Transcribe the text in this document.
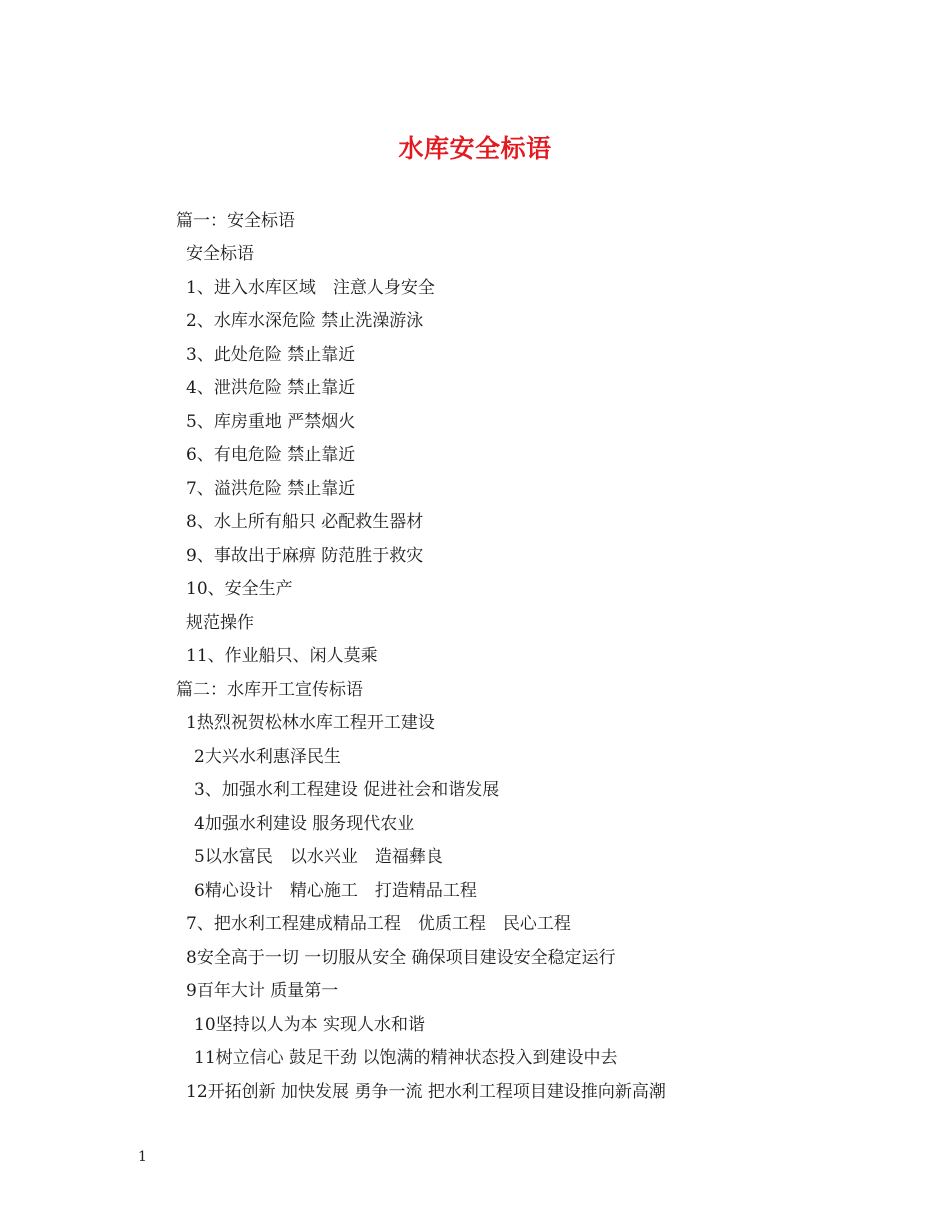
水库安全标语
篇一：安全标语
安全标语
1、进入水库区域　注意人身安全
2、水库水深危险 禁止洗澡游泳
3、此处危险 禁止靠近
4、泄洪危险 禁止靠近
5、库房重地 严禁烟火
6、有电危险 禁止靠近
7、溢洪危险 禁止靠近
8、水上所有船只 必配救生器材
9、事故出于麻痹 防范胜于救灾
10、安全生产
规范操作
11、作业船只、闲人莫乘
篇二：水库开工宣传标语
1热烈祝贺松林水库工程开工建设
2大兴水利惠泽民生
3、加强水利工程建设 促进社会和谐发展
4加强水利建设 服务现代农业
5以水富民　以水兴业　造福彝良
6精心设计　精心施工　打造精品工程
7、把水利工程建成精品工程　优质工程　民心工程
8安全高于一切 一切服从安全 确保项目建设安全稳定运行
9百年大计 质量第一
10坚持以人为本 实现人水和谐
11树立信心 鼓足干劲 以饱满的精神状态投入到建设中去
12开拓创新 加快发展 勇争一流 把水利工程项目建设推向新高潮
1
